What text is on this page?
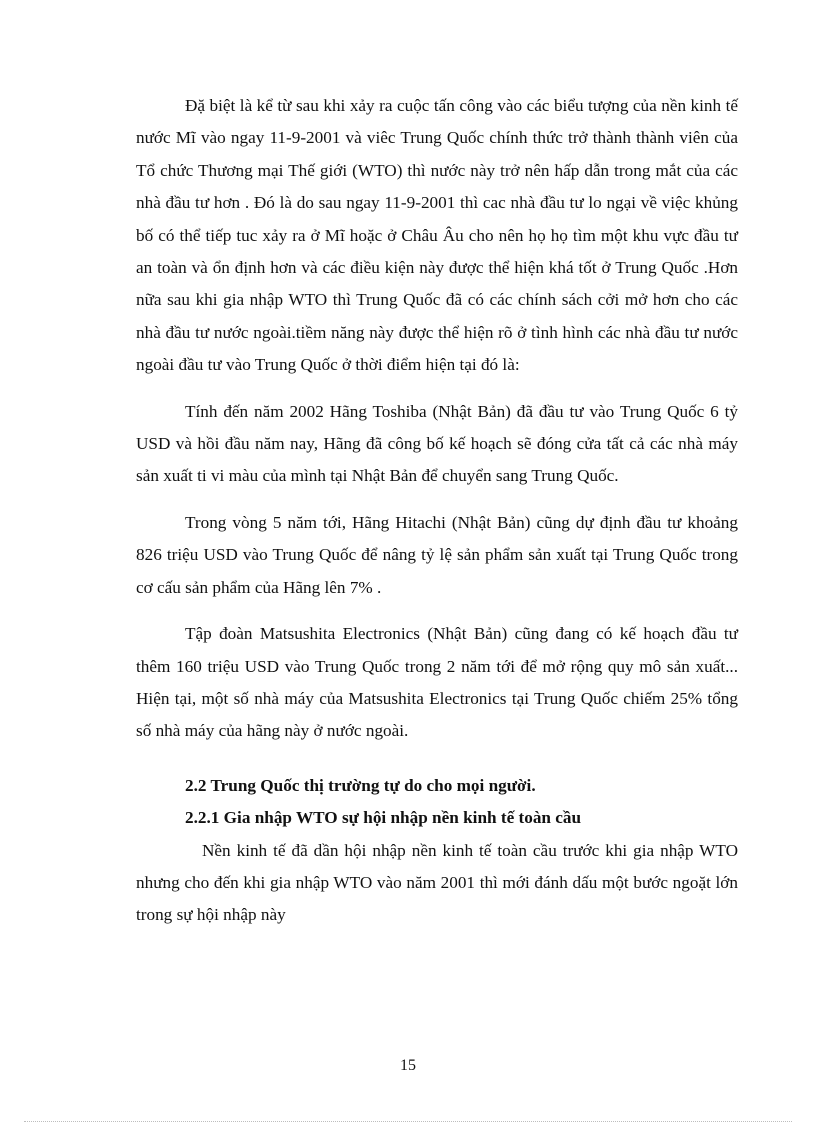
Đặ biệt là kể từ sau khi xảy ra cuộc tấn công vào các biểu tượng của nền kinh tế nước Mĩ vào ngay 11-9-2001 và viêc Trung Quốc chính thức trở thành thành viên của Tổ chức Thương mại Thế giới (WTO) thì nước này trở nên hấp dẫn trong mắt của các nhà đầu tư hơn . Đó là do sau ngay 11-9-2001 thì cac nhà đầu tư lo ngại về việc khủng bố có thể tiếp tuc xảy ra ở Mĩ hoặc ở Châu Âu cho nên họ họ tìm một khu vực đầu tư an toàn và ổn định hơn và các điều kiện này được thể hiện khá tốt ở Trung Quốc .Hơn nữa sau khi gia nhập WTO thì Trung Quốc đã có các chính sách cởi mở hơn cho các nhà đầu tư nước ngoài.tiềm năng này được thể hiện rõ ở tình hình các nhà đầu tư nước ngoài đầu tư vào Trung Quốc ở thời điểm hiện tại đó là:

Tính đến năm 2002 Hãng Toshiba (Nhật Bản) đã đầu tư vào Trung Quốc 6 tỷ USD và hồi đầu năm nay, Hãng đã công bố kế hoạch sẽ đóng cửa tất cả các nhà máy sản xuất ti vi màu của mình tại Nhật Bản để chuyển sang Trung Quốc.

Trong vòng 5 năm tới, Hãng Hitachi (Nhật Bản) cũng dự định đầu tư khoảng 826 triệu USD vào Trung Quốc để nâng tỷ lệ sản phẩm sản xuất tại Trung Quốc trong cơ cấu sản phẩm của Hãng lên 7% .

Tập đoàn Matsushita Electronics (Nhật Bản) cũng đang có kế hoạch đầu tư thêm 160 triệu USD vào Trung Quốc trong 2 năm tới để mở rộng quy mô sản xuất... Hiện tại, một số nhà máy của Matsushita Electronics tại Trung Quốc chiếm 25% tổng số nhà máy của hãng này ở nước ngoài.

2.2 Trung Quốc thị trường tự do cho mọi người.

2.2.1 Gia nhập WTO sự hội nhập nền kinh tế toàn cầu

Nền kinh tế đã dần hội nhập nền kinh tế toàn cầu trước khi gia nhập WTO nhưng cho đến khi gia nhập WTO vào năm 2001 thì mới đánh dấu một bước ngoặt lớn trong sự hội nhập này

15
